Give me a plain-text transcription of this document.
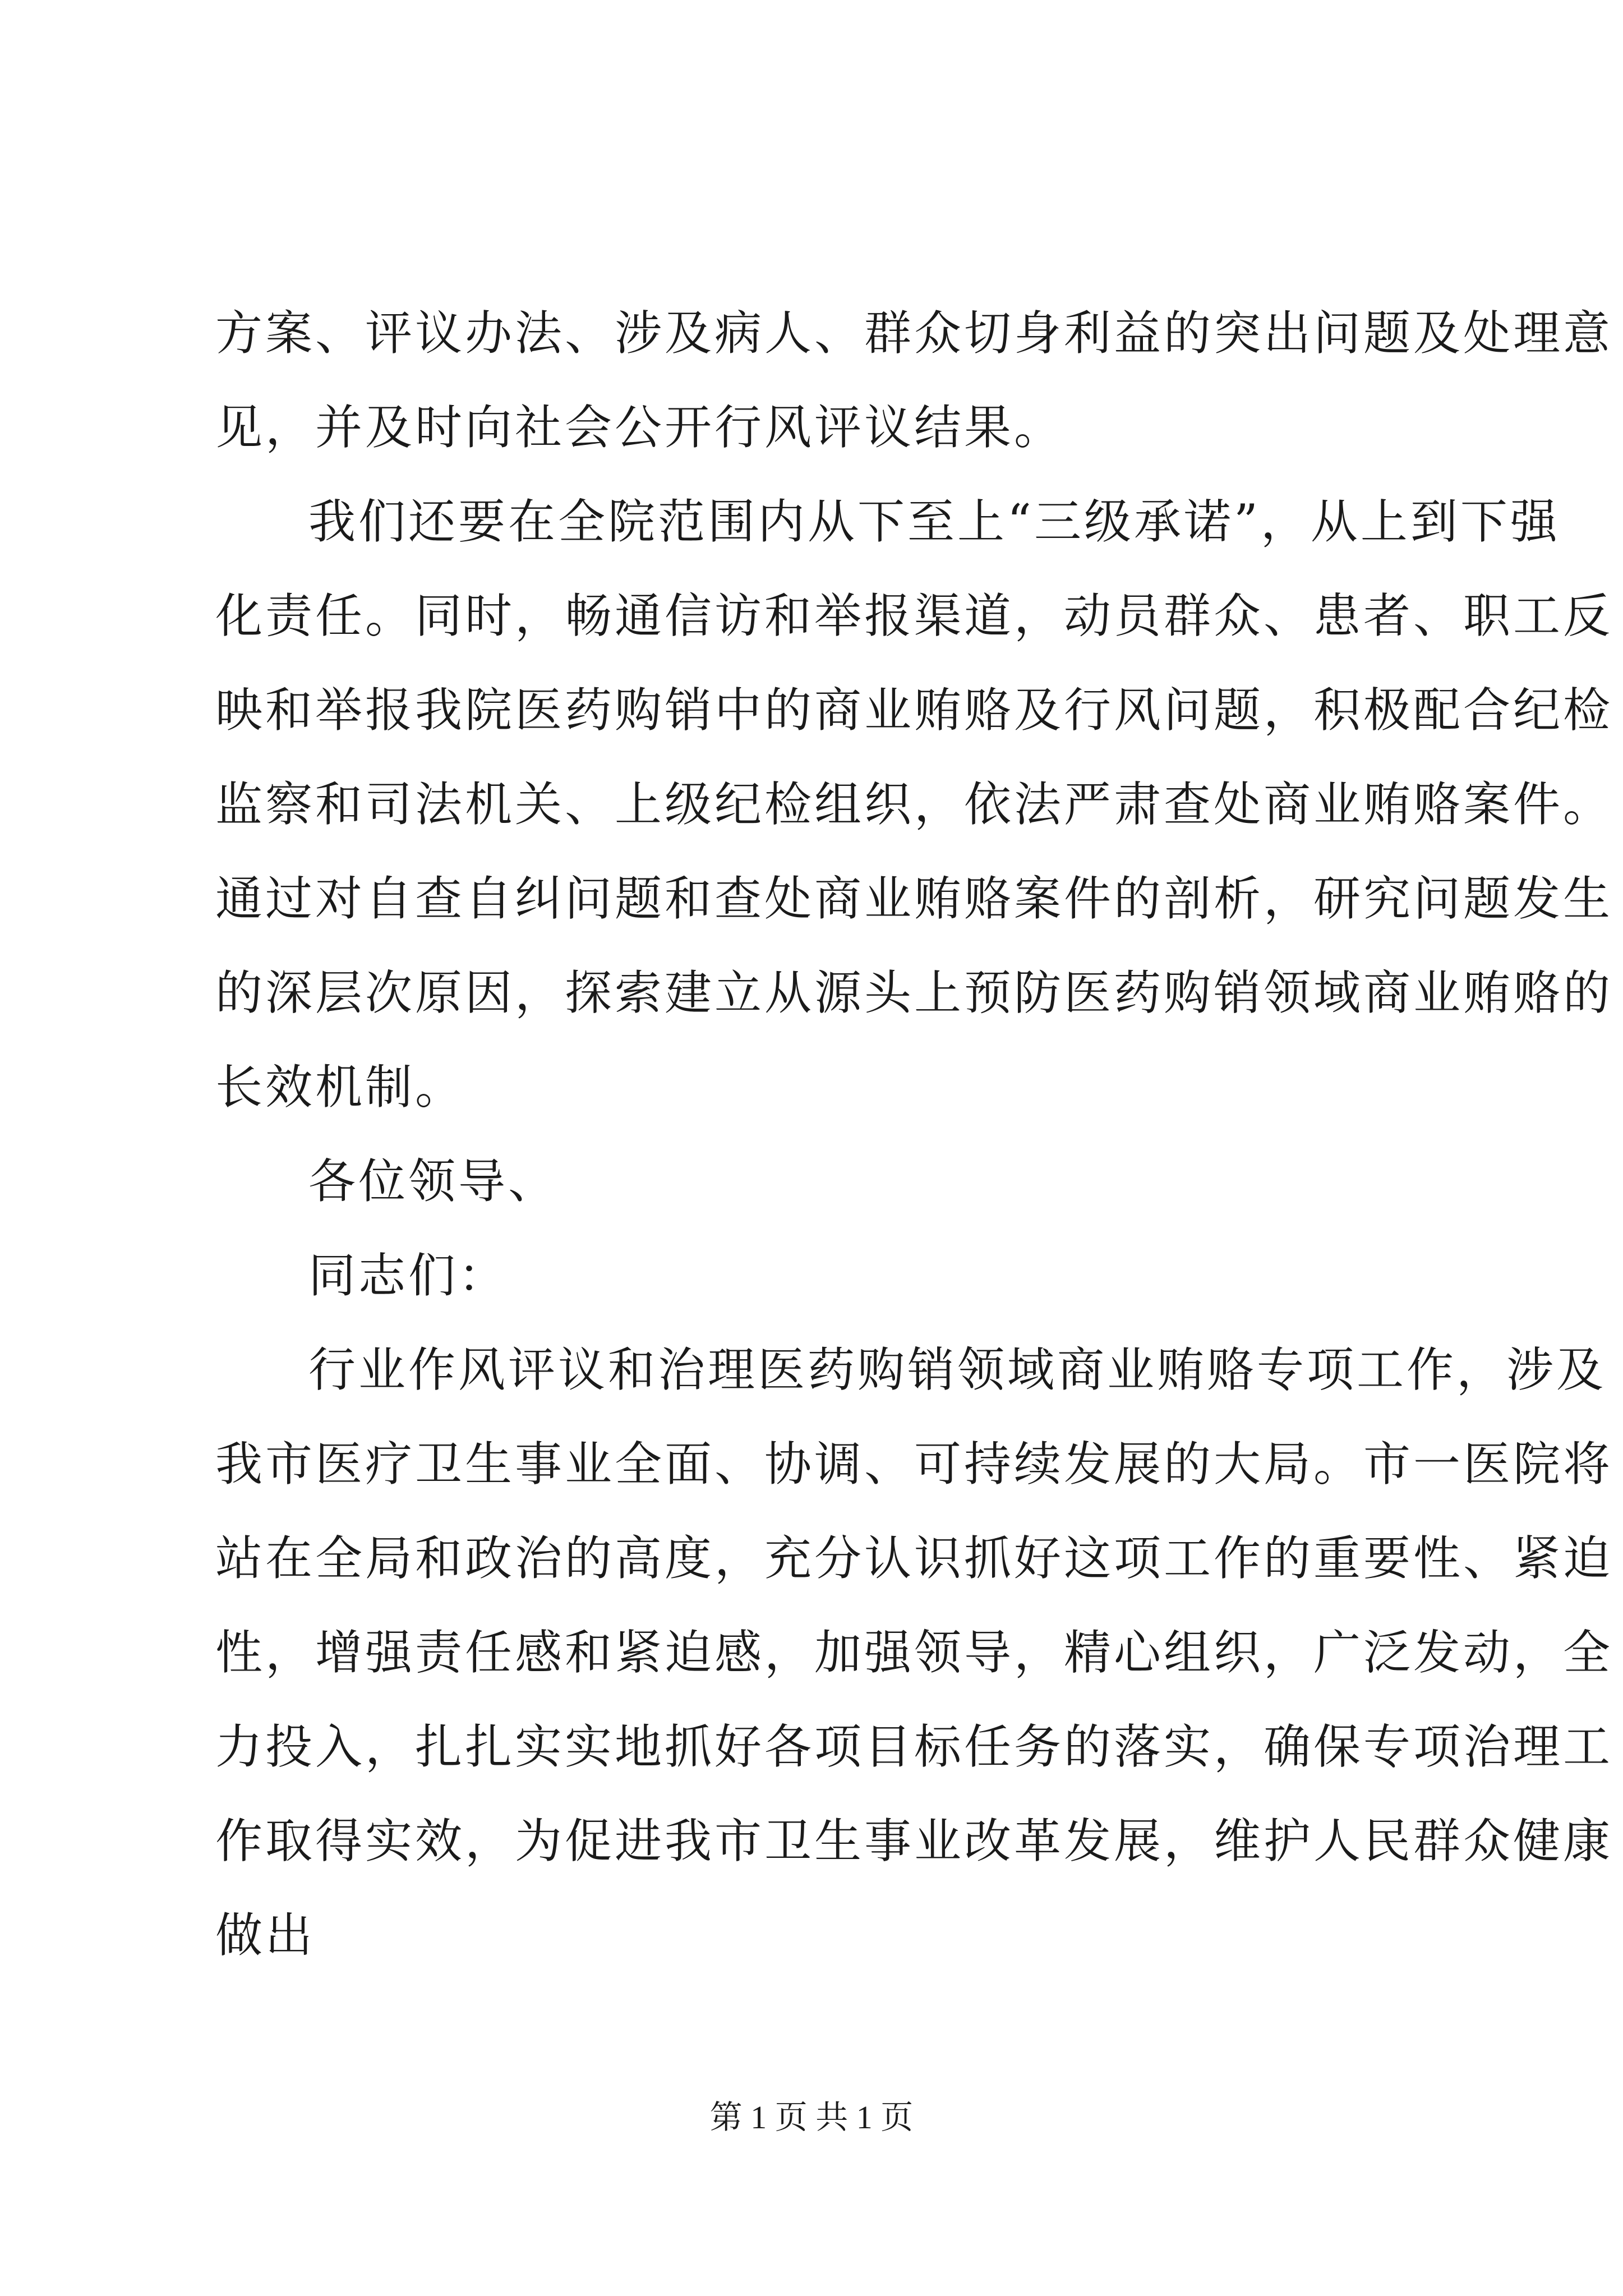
方案、评议办法、涉及病人、群众切身利益的突出问题及处理意
见，并及时向社会公开行风评议结果。
我们还要在全院范围内从下至上“三级承诺”，从上到下强
化责任。同时，畅通信访和举报渠道，动员群众、患者、职工反
映和举报我院医药购销中的商业贿赂及行风问题，积极配合纪检
监察和司法机关、上级纪检组织，依法严肃查处商业贿赂案件。
通过对自查自纠问题和查处商业贿赂案件的剖析，研究问题发生
的深层次原因，探索建立从源头上预防医药购销领域商业贿赂的
长效机制。
各位领导、
同志们：
行业作风评议和治理医药购销领域商业贿赂专项工作，涉及
我市医疗卫生事业全面、协调、可持续发展的大局。市一医院将
站在全局和政治的高度，充分认识抓好这项工作的重要性、紧迫
性，增强责任感和紧迫感，加强领导，精心组织，广泛发动，全
力投入，扎扎实实地抓好各项目标任务的落实，确保专项治理工
作取得实效，为促进我市卫生事业改革发展，维护人民群众健康
做出
第 1 页 共 1 页
